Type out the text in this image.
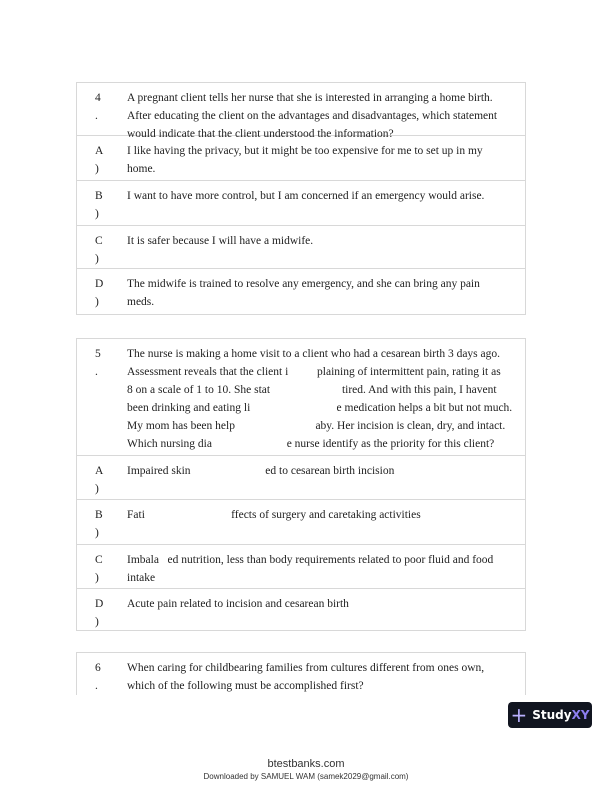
4
.
A pregnant client tells her nurse that she is interested in arranging a home birth.
After educating the client on the advantages and disadvantages, which statement
would indicate that the client understood the information?
A
)
I like having the privacy, but it might be too expensive for me to set up in my
home.
B
)
I want to have more control, but I am concerned if an emergency would arise.
C
)
It is safer because I will have a midwife.
D
)
The midwife is trained to resolve any emergency, and she can bring any pain
meds.
5
.
The nurse is making a home visit to a client who had a cesarean birth 3 days ago.
Assessment reveals that the client i          plaining of intermittent pain, rating it as
8 on a scale of 1 to 10. She stat                         tired. And with this pain, I havent
been drinking and eating li                              e medication helps a bit but not much.
My mom has been help                            aby. Her incision is clean, dry, and intact.
Which nursing dia                          e nurse identify as the priority for this client?
A
)
Impaired skin                          ed to cesarean birth incision
B
)
Fati                              ffects of surgery and caretaking activities
C
)
Imbala   ed nutrition, less than body requirements related to poor fluid and food
intake
D
)
Acute pain related to incision and cesarean birth
6
.
When caring for childbearing families from cultures different from ones own,
which of the following must be accomplished first?
+ StudyXY
btestbanks.com
Downloaded by SAMUEL WAM (samek2029@gmail.com)
